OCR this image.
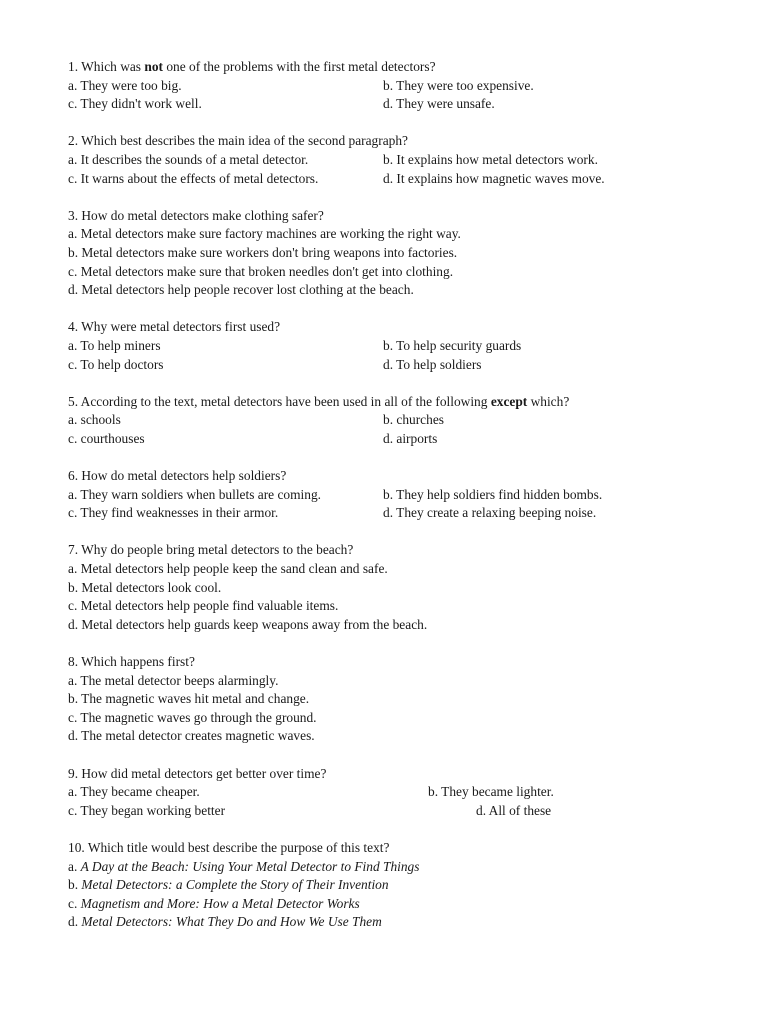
1. Which was not one of the problems with the first metal detectors?
a. They were too big.	b. They were too expensive.
c. They didn't work well.	d. They were unsafe.
2. Which best describes the main idea of the second paragraph?
a. It describes the sounds of a metal detector.	b. It explains how metal detectors work.
c. It warns about the effects of metal detectors.	d. It explains how magnetic waves move.
3. How do metal detectors make clothing safer?
a. Metal detectors make sure factory machines are working the right way.
b. Metal detectors make sure workers don't bring weapons into factories.
c. Metal detectors make sure that broken needles don't get into clothing.
d. Metal detectors help people recover lost clothing at the beach.
4. Why were metal detectors first used?
a. To help miners	b. To help security guards
c. To help doctors	d. To help soldiers
5. According to the text, metal detectors have been used in all of the following except which?
a. schools	b. churches
c. courthouses	d. airports
6. How do metal detectors help soldiers?
a. They warn soldiers when bullets are coming.	b. They help soldiers find hidden bombs.
c. They find weaknesses in their armor.	d. They create a relaxing beeping noise.
7. Why do people bring metal detectors to the beach?
a. Metal detectors help people keep the sand clean and safe.
b. Metal detectors look cool.
c. Metal detectors help people find valuable items.
d. Metal detectors help guards keep weapons away from the beach.
8. Which happens first?
a. The metal detector beeps alarmingly.
b. The magnetic waves hit metal and change.
c. The magnetic waves go through the ground.
d. The metal detector creates magnetic waves.
9. How did metal detectors get better over time?
a. They became cheaper.	b. They became lighter.
c. They began working better	d. All of these
10. Which title would best describe the purpose of this text?
a. A Day at the Beach: Using Your Metal Detector to Find Things
b. Metal Detectors: a Complete the Story of Their Invention
c. Magnetism and More: How a Metal Detector Works
d. Metal Detectors: What They Do and How We Use Them
